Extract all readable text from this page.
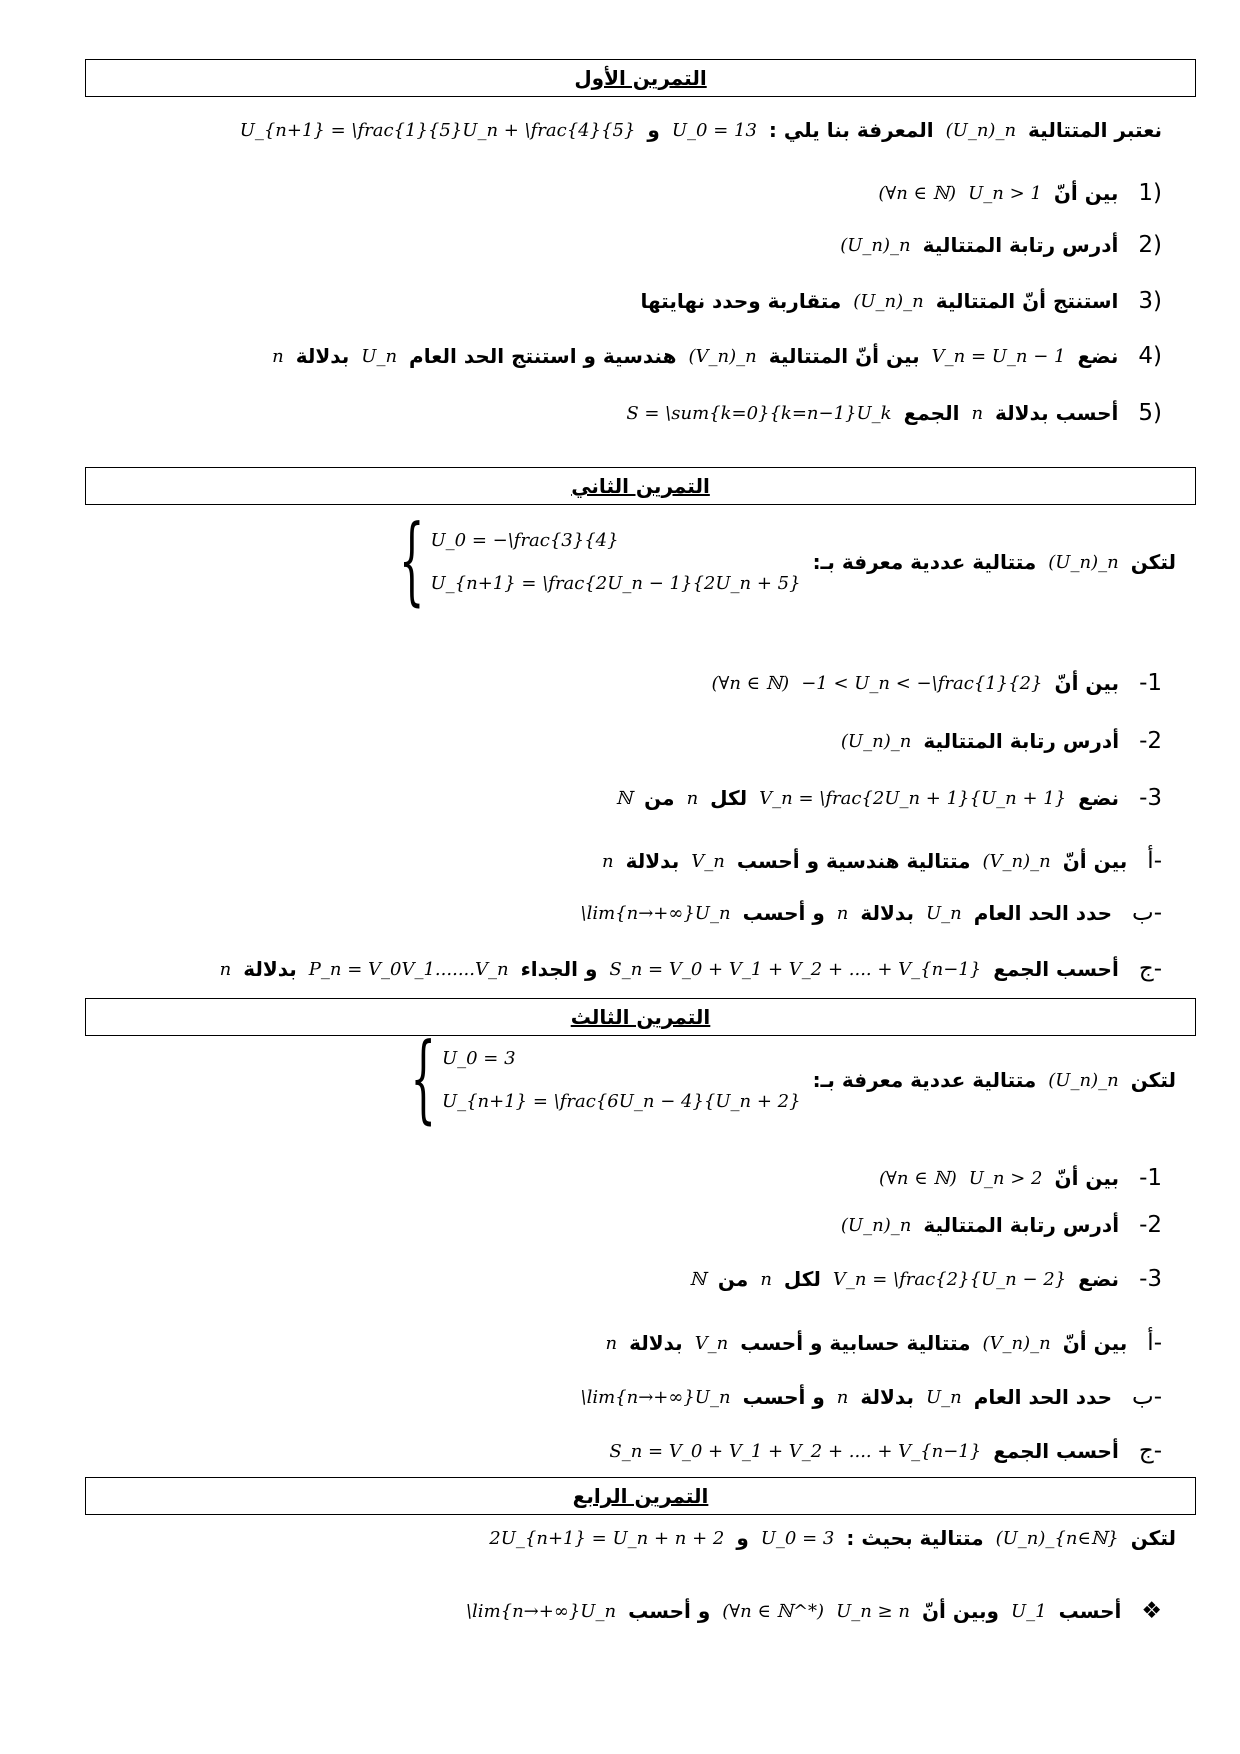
التمرين الأول
نعتبر المتتالية
(U_n)_n
المعرفة بنا يلي :
U_0 = 13
و
U_{n+1} = \frac{1}{5}U_n + \frac{4}{5}
1)
بين أنّ
U_n > 1
(∀n ∈ ℕ)
2)
أدرس رتابة المتتالية
(U_n)_n
3)
استنتج أنّ المتتالية
(U_n)_n
متقاربة وحدد نهايتها
4)
نضع
V_n = U_n − 1
بين أنّ المتتالية
(V_n)_n
هندسية و استنتج الحد العام
U_n
بدلالة
n
5)
أحسب بدلالة
n
الجمع
S = \sum{k=0}{k=n−1}U_k
التمرين الثاني
لتكن
(U_n)_n
متتالية عددية معرفة بـ:
{ U_0 = −\frac{3}{4}
U_{n+1} = \frac{2U_n − 1}{2U_n + 5}
-1
بين أنّ
−1 < U_n < −\frac{1}{2}
(∀n ∈ ℕ)
-2
أدرس رتابة المتتالية
(U_n)_n
-3
نضع
V_n = \frac{2U_n + 1}{U_n + 1}
لكل
n
من
ℕ
أ-
بين أنّ
(V_n)_n
متتالية هندسية و أحسب
V_n
بدلالة
n
ب-
حدد الحد العام
U_n
بدلالة
n
و أحسب
\lim{n→+∞}U_n
ج-
أحسب الجمع
S_n = V_0 + V_1 + V_2 + .... + V_{n−1}
و الجداء
P_n = V_0V_1.......V_n
بدلالة
n
التمرين الثالث
لتكن
(U_n)_n
متتالية عددية معرفة بـ:
{ U_0 = 3
U_{n+1} = \frac{6U_n − 4}{U_n + 2}
-1
بين أنّ
U_n > 2
(∀n ∈ ℕ)
-2
أدرس رتابة المتتالية
(U_n)_n
-3
نضع
V_n = \frac{2}{U_n − 2}
لكل
n
من
ℕ
أ-
بين أنّ
(V_n)_n
متتالية حسابية و أحسب
V_n
بدلالة
n
ب-
حدد الحد العام
U_n
بدلالة
n
و أحسب
\lim{n→+∞}U_n
ج-
أحسب الجمع
S_n = V_0 + V_1 + V_2 + .... + V_{n−1}
التمرين الرابع
لتكن
(U_n)_{n∈ℕ}
متتالية بحيث :
U_0 = 3
و
2U_{n+1} = U_n + n + 2
❖
أحسب
U_1
وبين أنّ
U_n ≥ n
(∀n ∈ ℕ^*)
و أحسب
\lim{n→+∞}U_n
